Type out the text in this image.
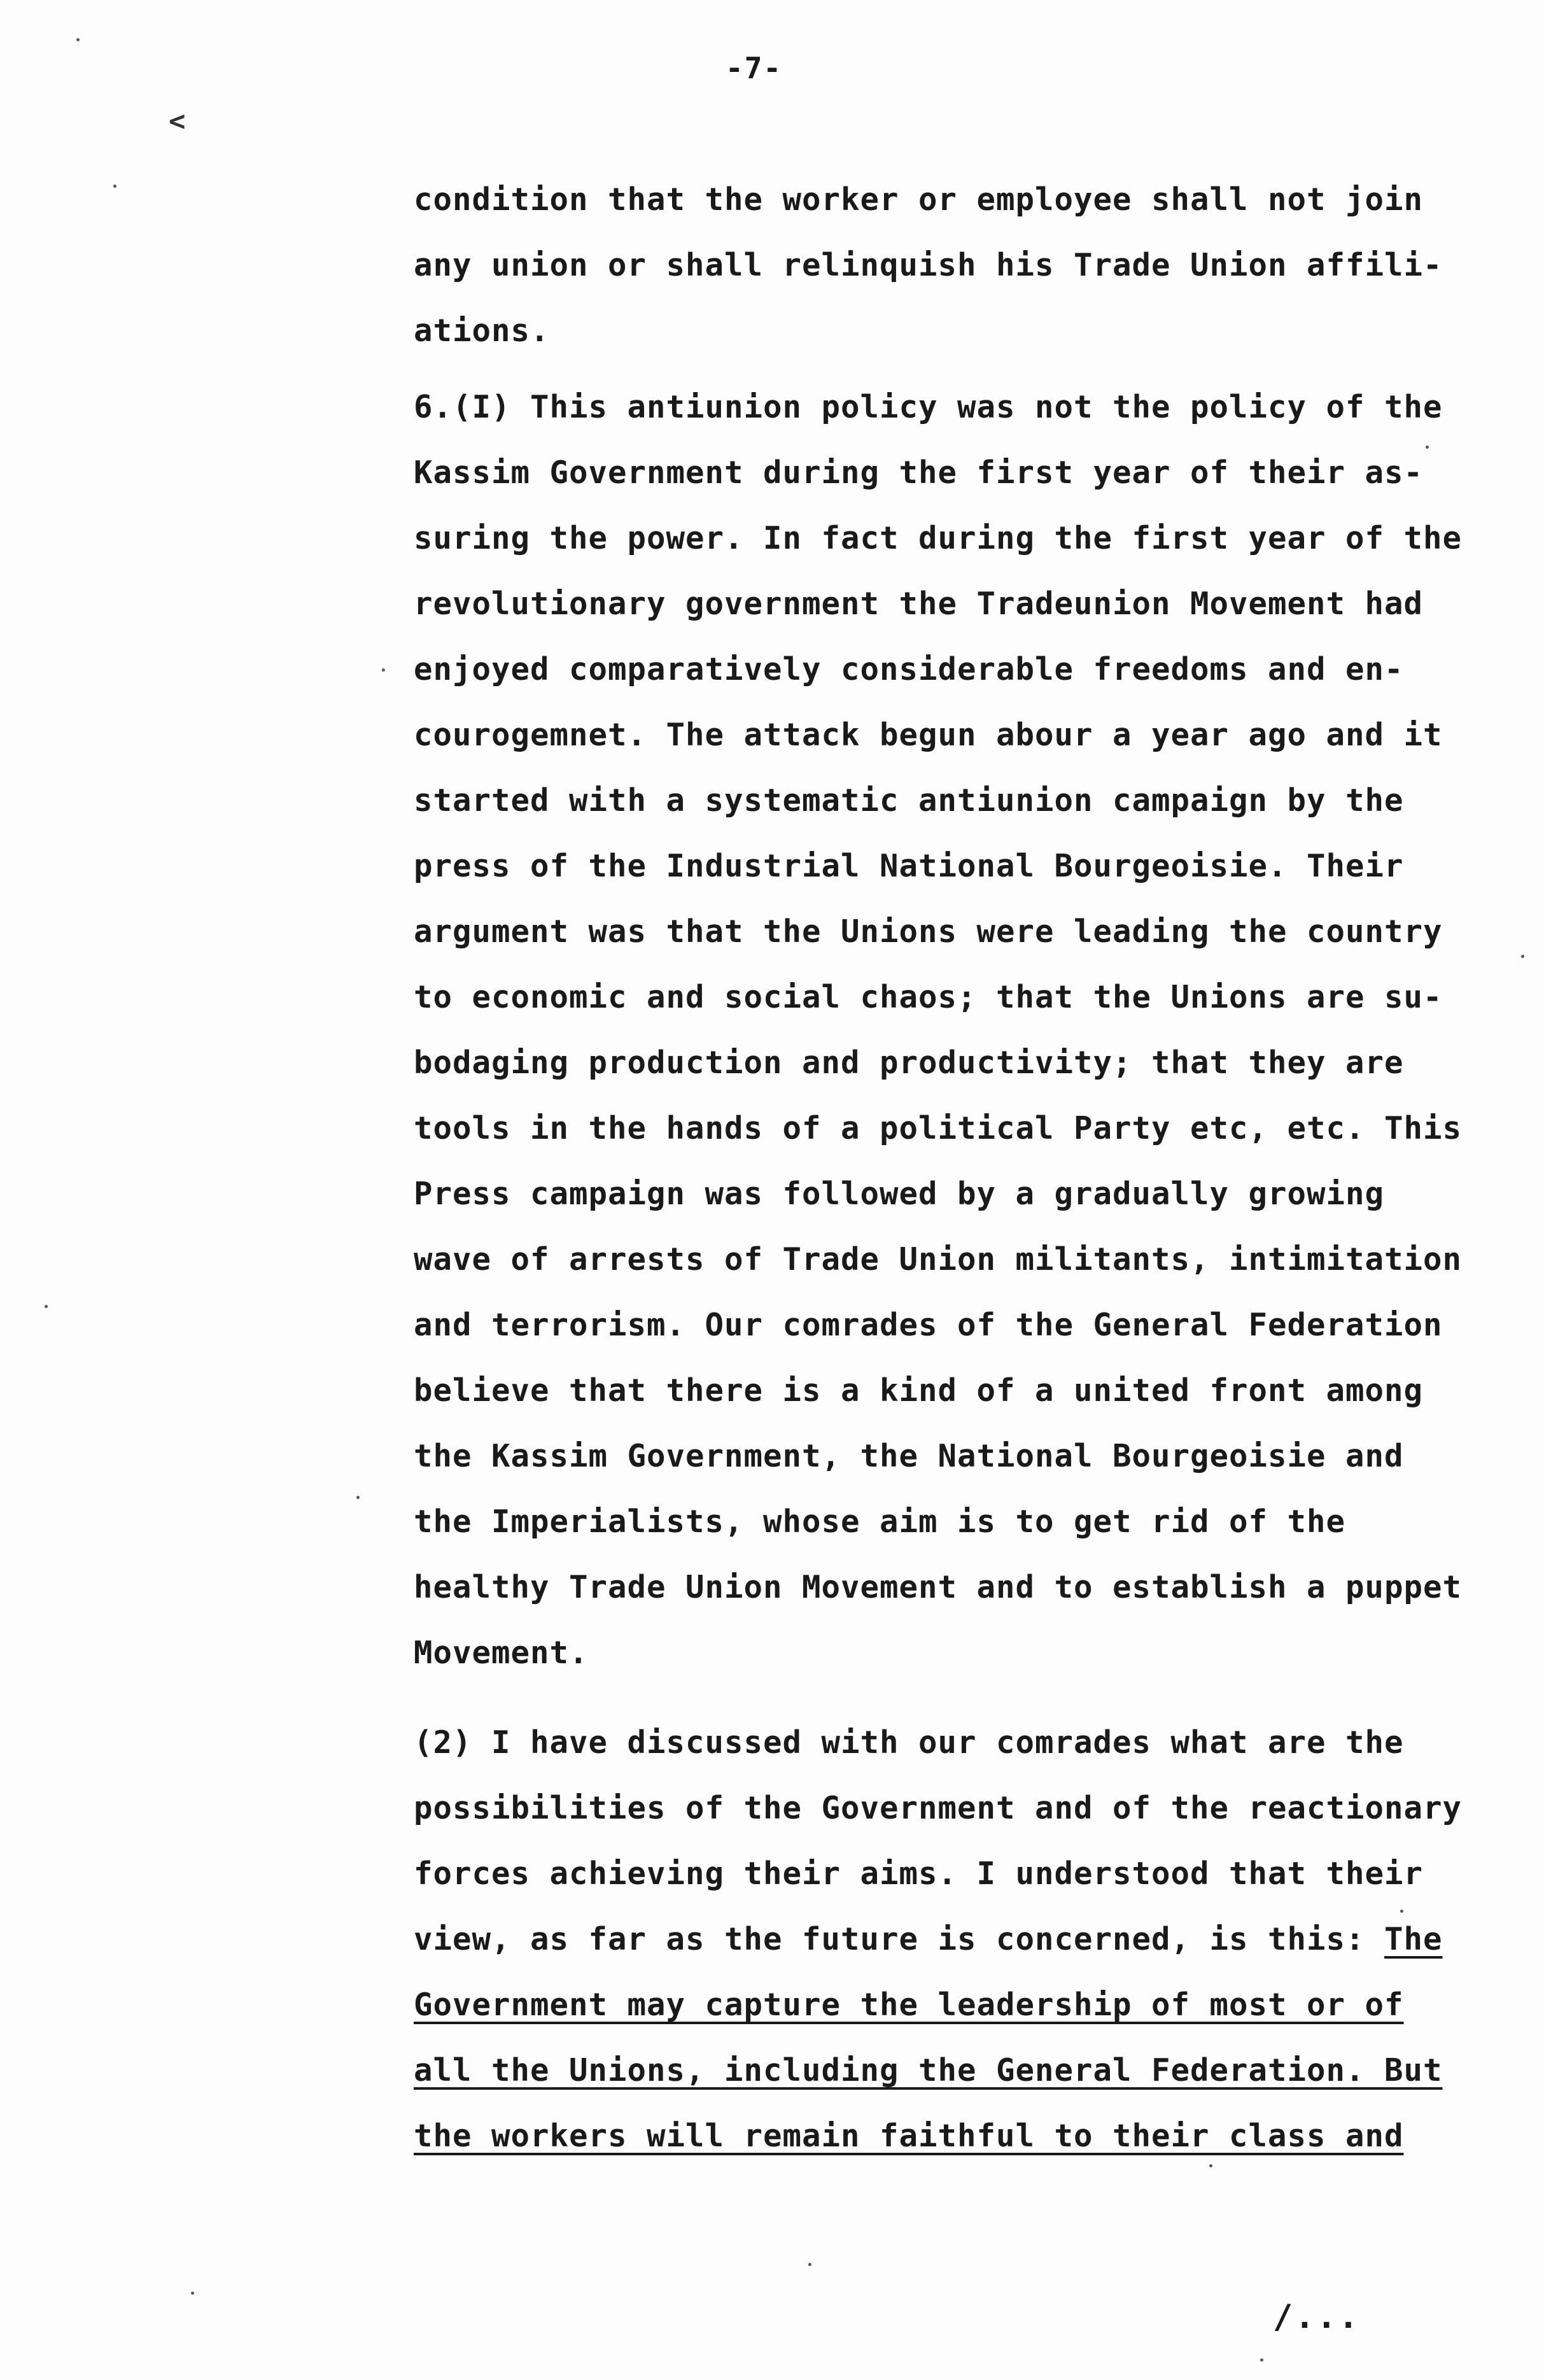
<
-7-
condition that the worker or employee shall not join
any union or shall relinquish his Trade Union affili-
ations.
6.(I) This antiunion policy was not the policy of the
Kassim Government during the first year of their as-
suring the power. In fact during the first year of the
revolutionary government the Tradeunion Movement had
enjoyed comparatively considerable freedoms and en-
courogemnet. The attack begun abour a year ago and it
started with a systematic antiunion campaign by the
press of the Industrial National Bourgeoisie. Their
argument was that the Unions were leading the country
to economic and social chaos; that the Unions are su-
bodaging production and productivity; that they are
tools in the hands of a political Party etc, etc. This
Press campaign was followed by a gradually growing
wave of arrests of Trade Union militants, intimitation
and terrorism. Our comrades of the General Federation
believe that there is a kind of a united front among
the Kassim Government, the National Bourgeoisie and
the Imperialists, whose aim is to get rid of the
healthy Trade Union Movement and to establish a puppet
Movement.
(2) I have discussed with our comrades what are the
possibilities of the Government and of the reactionary
forces achieving their aims. I understood that their
view, as far as the future is concerned, is this: The
Government may capture the leadership of most or of
all the Unions, including the General Federation. But
the workers will remain faithful to their class and
/...
